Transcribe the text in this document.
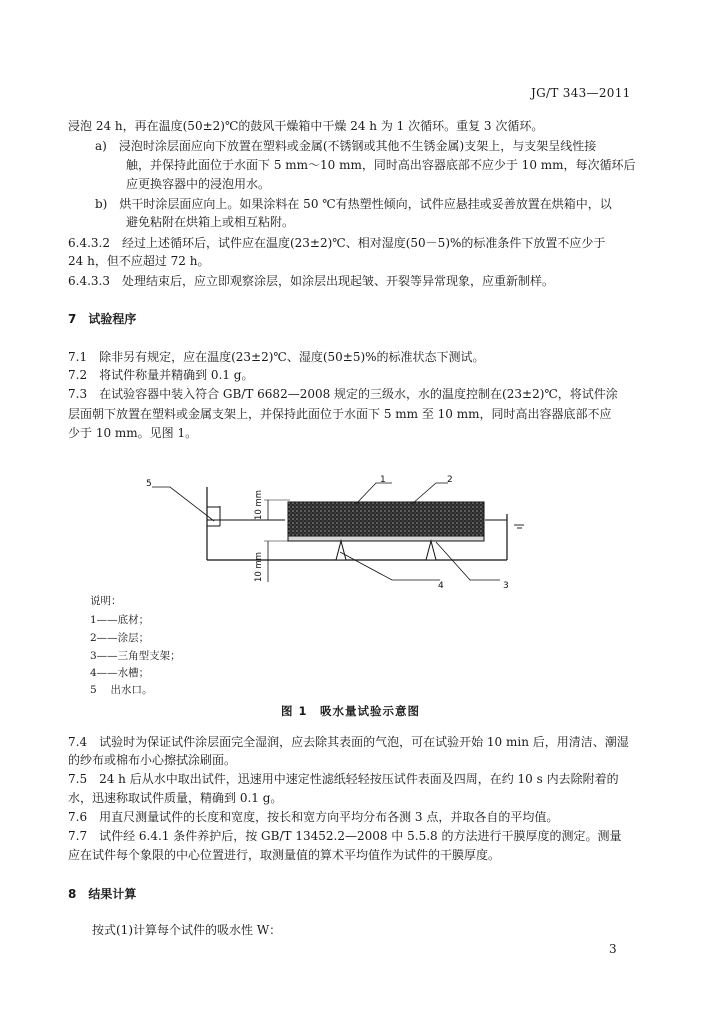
JG/T 343—2011
浸泡 24 h，再在温度(50±2)℃的鼓风干燥箱中干燥 24 h 为 1 次循环。重复 3 次循环。
a)　浸泡时涂层面应向下放置在塑料或金属(不锈钢或其他不生锈金属)支架上，与支架呈线性接
触，并保持此面位于水面下 5 mm～10 mm，同时高出容器底部不应少于 10 mm，每次循环后
应更换容器中的浸泡用水。
b)　烘干时涂层面应向上。如果涂料在 50 ℃有热塑性倾向，试件应悬挂或妥善放置在烘箱中，以
避免粘附在烘箱上或相互粘附。
6.4.3.2　经过上述循环后，试件应在温度(23±2)℃、相对湿度(50－5)%的标准条件下放置不应少于
24 h，但不应超过 72 h。
6.4.3.3　处理结束后，应立即观察涂层，如涂层出现起皱、开裂等异常现象，应重新制样。
7　试验程序
7.1　除非另有规定，应在温度(23±2)℃、湿度(50±5)%的标准状态下测试。
7.2　将试件称量并精确到 0.1 g。
7.3　在试验容器中装入符合 GB/T 6682—2008 规定的三级水，水的温度控制在(23±2)℃，将试件涂
层面朝下放置在塑料或金属支架上，并保持此面位于水面下 5 mm 至 10 mm，同时高出容器底部不应
少于 10 mm。见图 1。
10 mm
10 mm
5	1	2
4	3
说明：
1——底材；
2——涂层；
3——三角型支架；
4——水槽；
5　 出水口。
图 1　吸水量试验示意图
7.4　试验时为保证试件涂层面完全湿润，应去除其表面的气泡，可在试验开始 10 min 后，用清洁、潮湿
的纱布或棉布小心擦拭涂刷面。
7.5　24 h 后从水中取出试件，迅速用中速定性滤纸轻轻按压试件表面及四周，在约 10 s 内去除附着的
水，迅速称取试件质量，精确到 0.1 g。
7.6　用直尺测量试件的长度和宽度，按长和宽方向平均分布各测 3 点，并取各自的平均值。
7.7　试件经 6.4.1 条件养护后，按 GB/T 13452.2—2008 中 5.5.8 的方法进行干膜厚度的测定。测量
应在试件每个象限的中心位置进行，取测量值的算术平均值作为试件的干膜厚度。
8　结果计算
按式(1)计算每个试件的吸水性 W：
3
